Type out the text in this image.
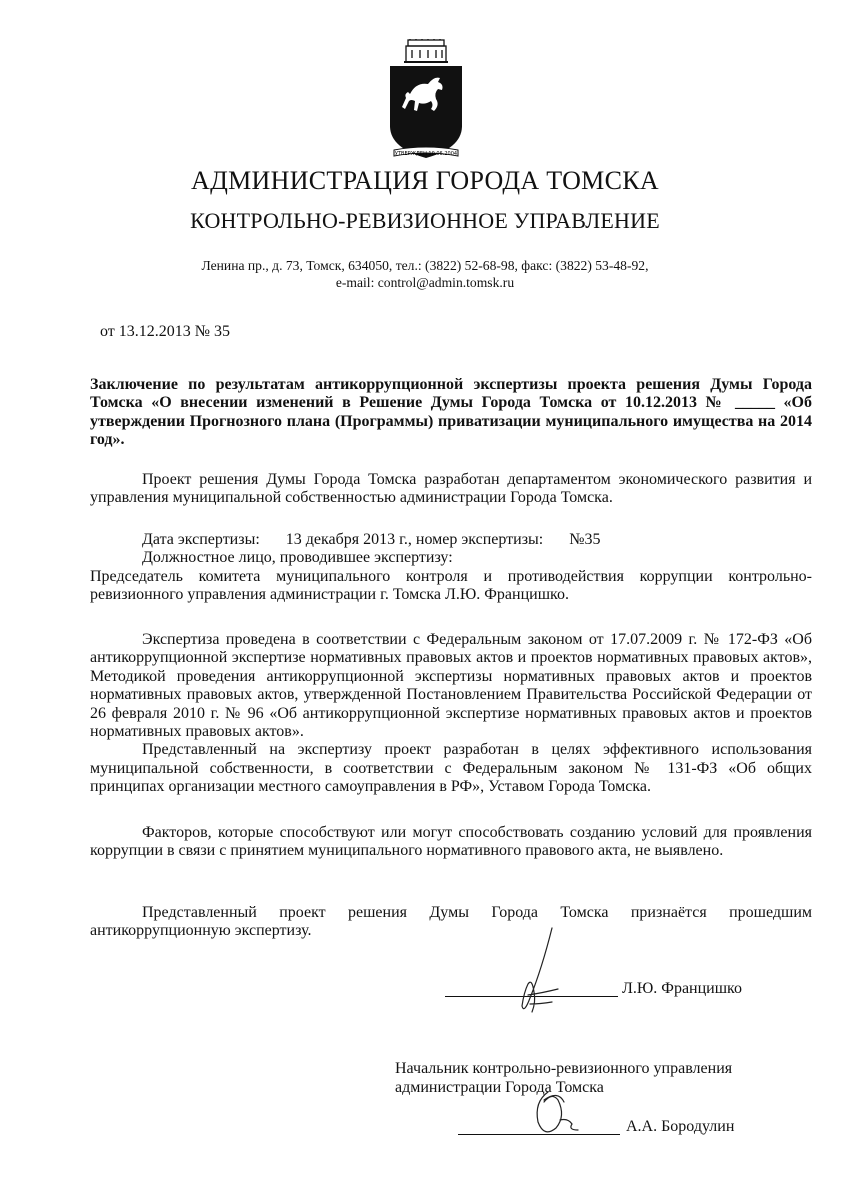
УТВЕРЖДЕН 10.06.2004
АДМИНИСТРАЦИЯ ГОРОДА ТОМСКА
КОНТРОЛЬНО-РЕВИЗИОННОЕ УПРАВЛЕНИЕ
Ленина пр., д. 73, Томск, 634050, тел.: (3822) 52-68-98, факс: (3822) 53-48-92,
e-mail: control@admin.tomsk.ru
от 13.12.2013 № 35
Заключение по результатам антикоррупционной экспертизы проекта решения Думы Города Томска «О внесении изменений в Решение Думы Города Томска от 10.12.2013 № _____ «Об утверждении Прогнозного плана (Программы) приватизации муниципального имущества на 2014 год».

Проект решения Думы Города Томска разработан департаментом экономического развития и управления муниципальной собственностью администрации Города Томска.

Дата экспертизы: 13 декабря 2013 г., номер экспертизы: №35
Должностное лицо, проводившее экспертизу:

Председатель комитета муниципального контроля и противодействия коррупции контрольно-ревизионного управления администрации г. Томска Л.Ю. Францишко.

Экспертиза проведена в соответствии с Федеральным законом от 17.07.2009 г. № 172-ФЗ «Об антикоррупционной экспертизе нормативных правовых актов и проектов нормативных правовых актов», Методикой проведения антикоррупционной экспертизы нормативных правовых актов и проектов нормативных правовых актов, утвержденной Постановлением Правительства Российской Федерации от 26 февраля 2010 г. № 96 «Об антикоррупционной экспертизе нормативных правовых актов и проектов нормативных правовых актов».

Представленный на экспертизу проект разработан в целях эффективного использования муниципальной собственности, в соответствии с Федеральным законом № 131-ФЗ «Об общих принципах организации местного самоуправления в РФ», Уставом Города Томска.

Факторов, которые способствуют или могут способствовать созданию условий для проявления коррупции в связи с принятием муниципального нормативного правового акта, не выявлено.

Представленный проект решения Думы Города Томска признаётся прошедшим антикоррупционную экспертизу.

Л.Ю. Францишко
Начальник контрольно-ревизионного управления
администрации Города Томска
А.А. Бородулин
